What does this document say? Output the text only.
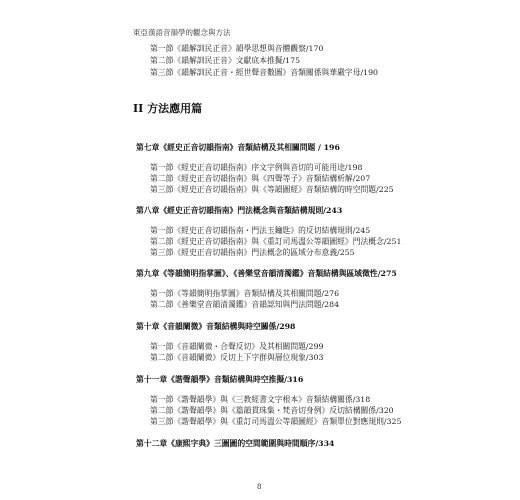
東亞漢語音韻學的觀念與方法
第一節《韻解訓民正音》韻學思想與音體觀察/170
第二節《韻解訓民正音》文獻底本推擬/175
第三節《韻解訓民正音・經世聲音數圖》音類關係與華嚴字母/190
II 方法應用篇
第七章《經史正音切韻指南》音類結構及其相關問題 / 196
第一節《經史正音切韻指南》序文字例與音切的可能用途/198
第二節《經史正音切韻指南》與《四聲等子》音類結構析解/207
第三節《經史正音切韻指南》與《等韻圖經》音類結構的時空問題/225
第八章《經史正音切韻指南》門法概念與音類結構規則/243
第一節《經史正音切韻指南・門法玉鑰匙》的反切結構規則/245
第二節《經史正音切韻指南》與《重訂司馬溫公等韻圖經》門法概念/251
第三節《經史正音切韻指南》門法概念的區域分布意義/255
第九章《等韻簡明指掌圖》、《善樂堂音韻清濁鑑》音類結構與區域徵性/275
第一節《等韻簡明指掌圖》音類結構及其相關問題/276
第二節《善樂堂音韻清濁鑑》音韻認知與門法問題/284
第十章《音韻闡微》音類結構與時空關係/298
第一節《音韻闡微・合聲反切》及其相關問題/299
第二節《音韻闡微》反切上下字群與層位現象/303
第十一章《諧聲韻學》音類結構與時空推擬/316
第一節《諧聲韻學》與《三教經書文字根本》音類結構關係/318
第二節《諧聲韻學》與《篇韻貫珠集・梵音切身例》反切結構關係/320
第三節《諧聲韻學》與《重訂司馬溫公等韻圖經》音類單位對應規則/325
第十二章《康熙字典》三圖圖的空間範圍與時間順序/334
8
